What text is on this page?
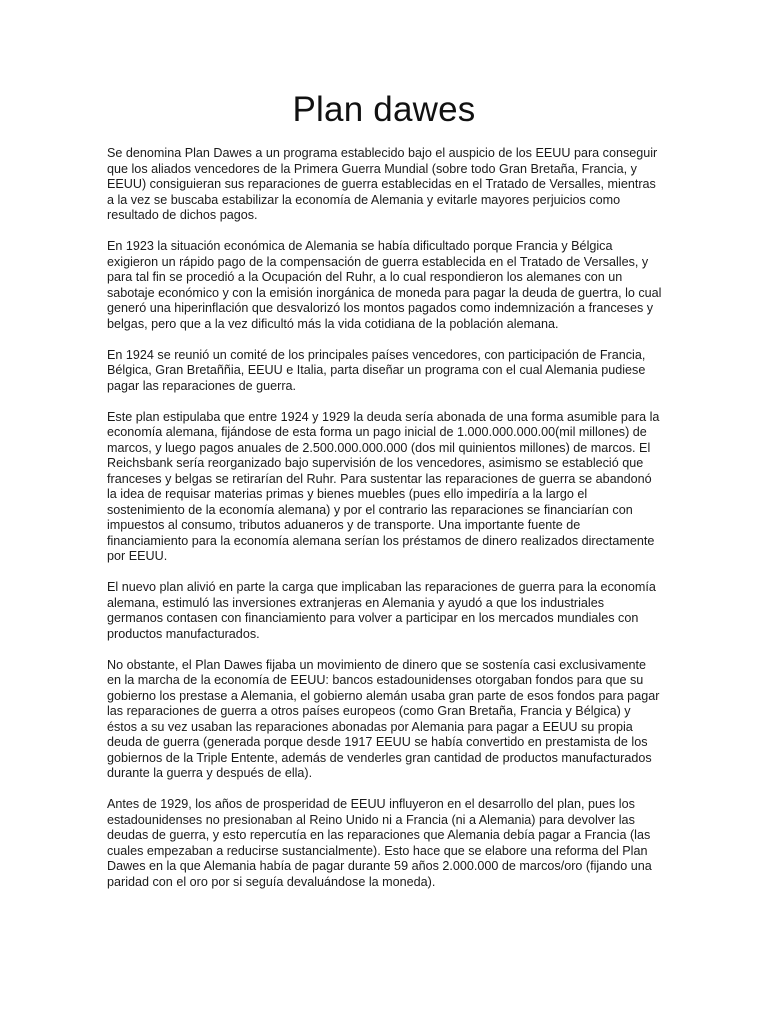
Plan dawes

Se denomina Plan Dawes a un programa establecido bajo el auspicio de los EEUU para conseguir que los aliados vencedores de la Primera Guerra Mundial (sobre todo Gran Bretaña, Francia, y EEUU) consiguieran sus reparaciones de guerra establecidas en el Tratado de Versalles, mientras a la vez se buscaba estabilizar la economía de Alemania y evitarle mayores perjuicios como resultado de dichos pagos.

En 1923 la situación económica de Alemania se había dificultado porque Francia y Bélgica exigieron un rápido pago de la compensación de guerra establecida en el Tratado de Versalles, y para tal fin se procedió a la Ocupación del Ruhr, a lo cual respondieron los alemanes con un sabotaje económico y con la emisión inorgánica de moneda para pagar la deuda de guertra, lo cual generó una hiperinflación que desvalorizó los montos pagados como indemnización a franceses y belgas, pero que a la vez dificultó más la vida cotidiana de la población alemana.

En 1924 se reunió un comité de los principales países vencedores, con participación de Francia, Bélgica, Gran Bretaññia, EEUU e Italia, parta diseñar un programa con el cual Alemania pudiese pagar las reparaciones de guerra.

Este plan estipulaba que entre 1924 y 1929 la deuda sería abonada de una forma asumible para la economía alemana, fijándose de esta forma un pago inicial de 1.000.000.000.00(mil millones) de marcos, y luego pagos anuales de 2.500.000.000.000 (dos mil quinientos millones) de marcos. El Reichsbank sería reorganizado bajo supervisión de los vencedores, asimismo se estableció que franceses y belgas se retirarían del Ruhr. Para sustentar las reparaciones de guerra se abandonó la idea de requisar materias primas y bienes muebles (pues ello impediría a la largo el sostenimiento de la economía alemana) y por el contrario las reparaciones se financiarían con impuestos al consumo, tributos aduaneros y de transporte. Una importante fuente de financiamiento para la economía alemana serían los préstamos de dinero realizados directamente por EEUU.

El nuevo plan alivió en parte la carga que implicaban las reparaciones de guerra para la economía alemana, estimuló las inversiones extranjeras en Alemania y ayudó a que los industriales germanos contasen con financiamiento para volver a participar en los mercados mundiales con productos manufacturados.

No obstante, el Plan Dawes fijaba un movimiento de dinero que se sostenía casi exclusivamente en la marcha de la economía de EEUU: bancos estadounidenses otorgaban fondos para que su gobierno los prestase a Alemania, el gobierno alemán usaba gran parte de esos fondos para pagar las reparaciones de guerra a otros países europeos (como Gran Bretaña, Francia y Bélgica) y éstos a su vez usaban las reparaciones abonadas por Alemania para pagar a EEUU su propia deuda de guerra (generada porque desde 1917 EEUU se había convertido en prestamista de los gobiernos de la Triple Entente, además de venderles gran cantidad de productos manufacturados durante la guerra y después de ella).

Antes de 1929, los años de prosperidad de EEUU influyeron en el desarrollo del plan, pues los estadounidenses no presionaban al Reino Unido ni a Francia (ni a Alemania) para devolver las deudas de guerra, y esto repercutía en las reparaciones que Alemania debía pagar a Francia (las cuales empezaban a reducirse sustancialmente). Esto hace que se elabore una reforma del Plan Dawes en la que Alemania había de pagar durante 59 años 2.000.000 de marcos/oro (fijando una paridad con el oro por si seguía devaluándose la moneda).
